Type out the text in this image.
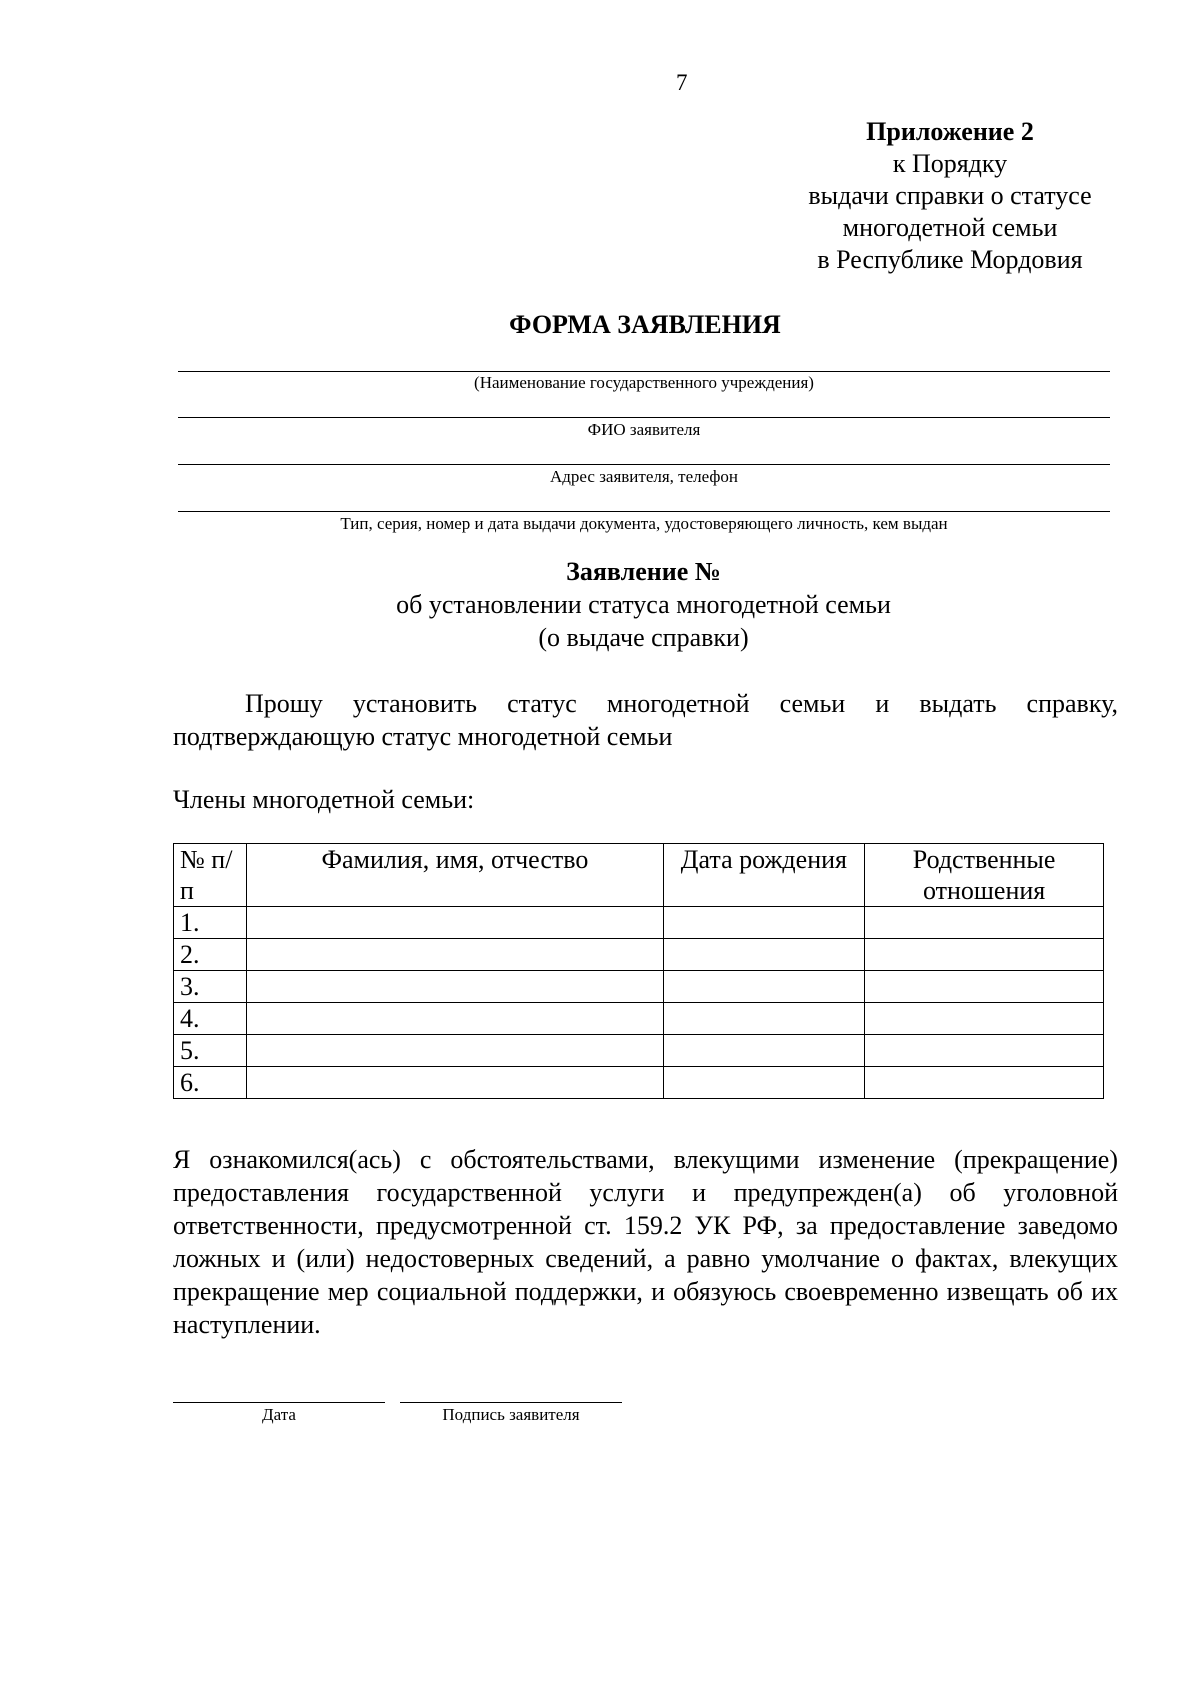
7
Приложение 2
к Порядку
выдачи справки о статусе
многодетной семьи
в Республике Мордовия
ФОРМА ЗАЯВЛЕНИЯ
(Наименование государственного учреждения)
ФИО заявителя
Адрес заявителя, телефон
Тип, серия, номер и дата выдачи документа, удостоверяющего личность, кем выдан
Заявление №
об установлении статуса многодетной семьи
(о выдаче справки)
Прошу установить статус многодетной семьи и выдать справку, подтверждающую статус многодетной семьи
Члены многодетной семьи:
№ п/п	Фамилия, имя, отчество	Дата рождения	Родственные отношения
1.			
2.			
3.			
4.			
5.			
6.			
Я ознакомился(ась) с обстоятельствами, влекущими изменение (прекращение) предоставления государственной услуги и предупрежден(а) об уголовной ответственности, предусмотренной ст. 159.2 УК РФ, за предоставление заведомо ложных и (или) недостоверных сведений, а равно умолчание о фактах, влекущих прекращение мер социальной поддержки, и обязуюсь своевременно извещать об их наступлении.
Дата	Подпись заявителя
